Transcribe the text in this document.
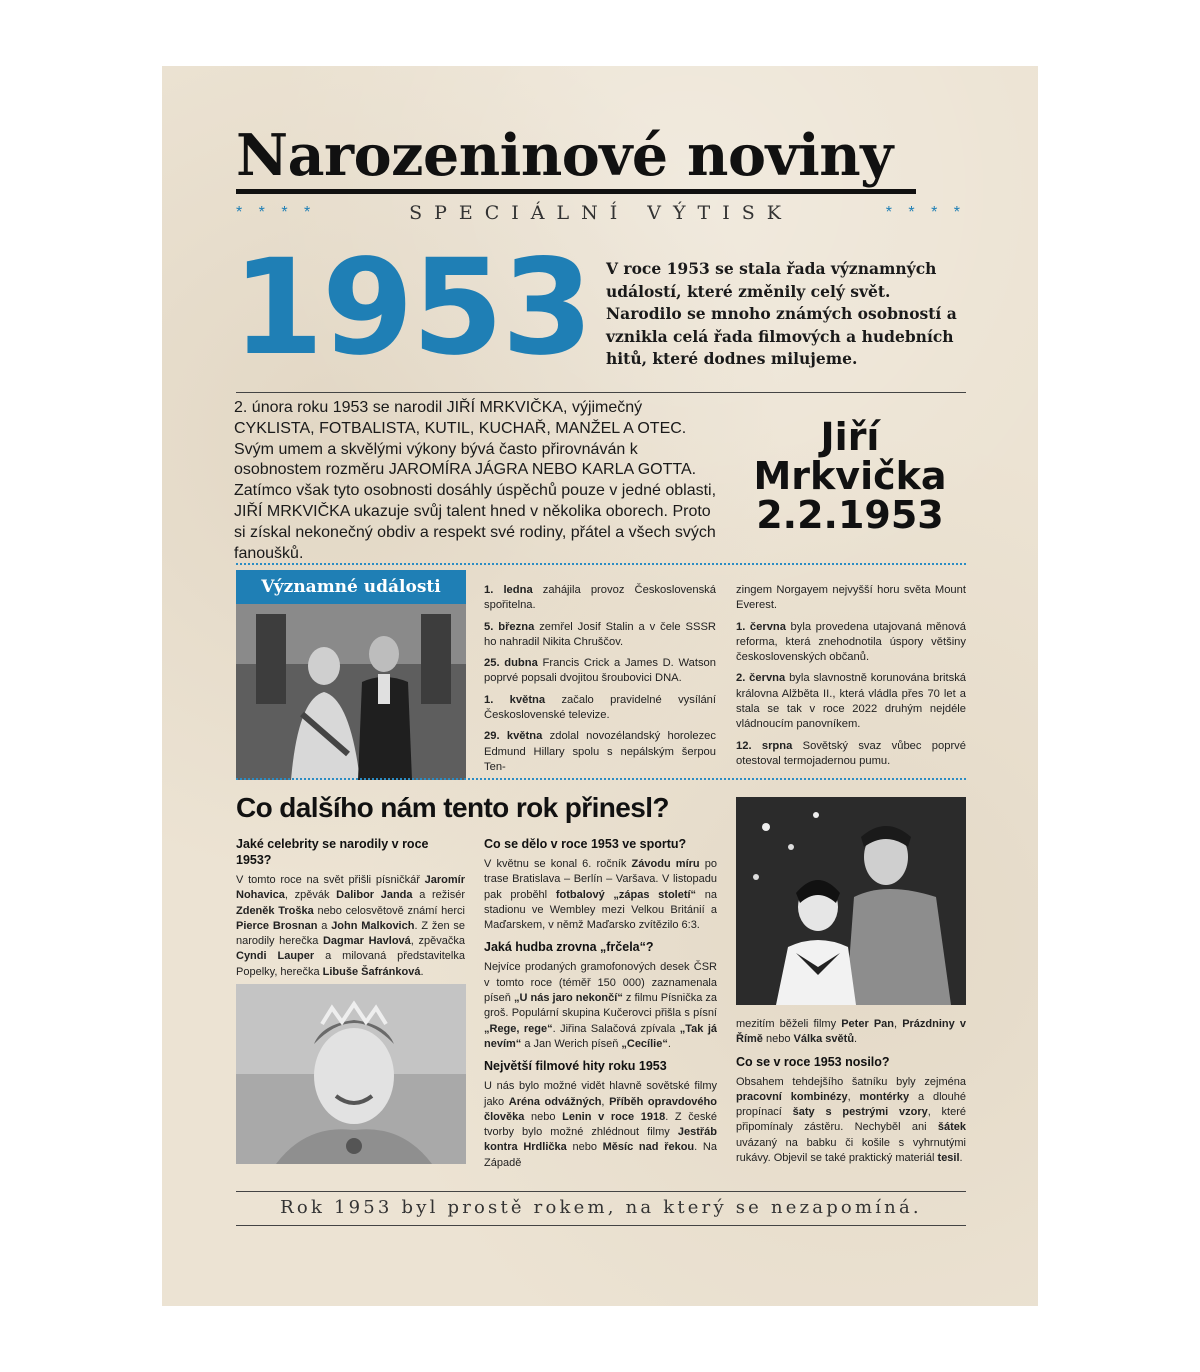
Narozeninové noviny
* * * *	SPECIÁLNÍ VÝTISK	* * * *
1953 V roce 1953 se stala řada významných událostí, které změnily celý svět. Narodilo se mnoho známých osobností a vznikla celá řada filmových a hudebních hitů, které dodnes milujeme.
2. února roku 1953 se narodil JIŘÍ MRKVIČKA, výjimečný CYKLISTA, FOTBALISTA, KUTIL, KUCHAŘ, MANŽEL A OTEC. Svým umem a skvělými výkony bývá často přirovnáván k osobnostem rozměru JAROMÍRA JÁGRA NEBO KARLA GOTTA. Zatímco však tyto osobnosti dosáhly úspěchů pouze v jedné oblasti, JIŘÍ MRKVIČKA ukazuje svůj talent hned v několika oborech. Proto si získal nekonečný obdiv a respekt své rodiny, přátel a všech svých fanoušků.
Jiří
Mrkvička
2.2.1953
Významné události	1. ledna zahájila provoz Československá spořitelna.

5. března zemřel Josif Stalin a v čele SSSR ho nahradil Nikita Chruščov.

25. dubna Francis Crick a James D. Watson poprvé popsali dvojitou šroubovici DNA.

1. května začalo pravidelné vysílání Československé televize.

29. května zdolal novozélandský horolezec Edmund Hillary spolu s nepálským šerpou Ten-

zingem Norgayem nejvyšší horu světa Mount Everest.

1. června byla provedena utajovaná měnová reforma, která znehodnotila úspory většiny československých občanů.

2. června byla slavnostně korunována britská královna Alžběta II., která vládla přes 70 let a stala se tak v roce 2022 druhým nejdéle vládnoucím panovníkem.

12. srpna Sovětský svaz vůbec poprvé otestoval termojadernou pumu.

Co dalšího nám tento rok přinesl?
Jaké celebrity se narodily v roce 1953?

V tomto roce na svět přišli písničkář Jaromír Nohavica, zpěvák Dalibor Janda a režisér Zdeněk Troška nebo celosvětově známí herci Pierce Brosnan a John Malkovich. Z žen se narodily herečka Dagmar Havlová, zpěvačka Cyndi Lauper a milovaná představitelka Popelky, herečka Libuše Šafránková.

Co se dělo v roce 1953 ve sportu?

V květnu se konal 6. ročník Závodu míru po trase Bratislava – Berlín – Varšava. V listopadu pak proběhl fotbalový „zápas století“ na stadionu ve Wembley mezi Velkou Británií a Maďarskem, v němž Maďarsko zvítězilo 6:3.

Jaká hudba zrovna „frčela“?

Nejvíce prodaných gramofonových desek ČSR v tomto roce (téměř 150 000) zaznamenala píseň „U nás jaro nekončí“ z filmu Písnička za groš. Populární skupina Kučerovci přišla s písní „Rege, rege“. Jiřina Salačová zpívala „Tak já nevím“ a Jan Werich píseň „Cecílie“.

Největší filmové hity roku 1953

U nás bylo možné vidět hlavně sovětské filmy jako Aréna odvážných, Příběh opravdového člověka nebo Lenin v roce 1918. Z české tvorby bylo možné zhlédnout filmy Jestřáb kontra Hrdlička nebo Měsíc nad řekou. Na Západě

mezitím běželi filmy Peter Pan, Prázdniny v Římě nebo Válka světů.

Co se v roce 1953 nosilo?

Obsahem tehdejšího šatníku byly zejména pracovní kombinézy, montérky a dlouhé propínací šaty s pestrými vzory, které připomínaly zástěru. Nechyběl ani šátek uvázaný na babku či košile s vyhrnutými rukávy. Objevil se také praktický materiál tesil.

Rok 1953 byl prostě rokem, na který se nezapomíná.
